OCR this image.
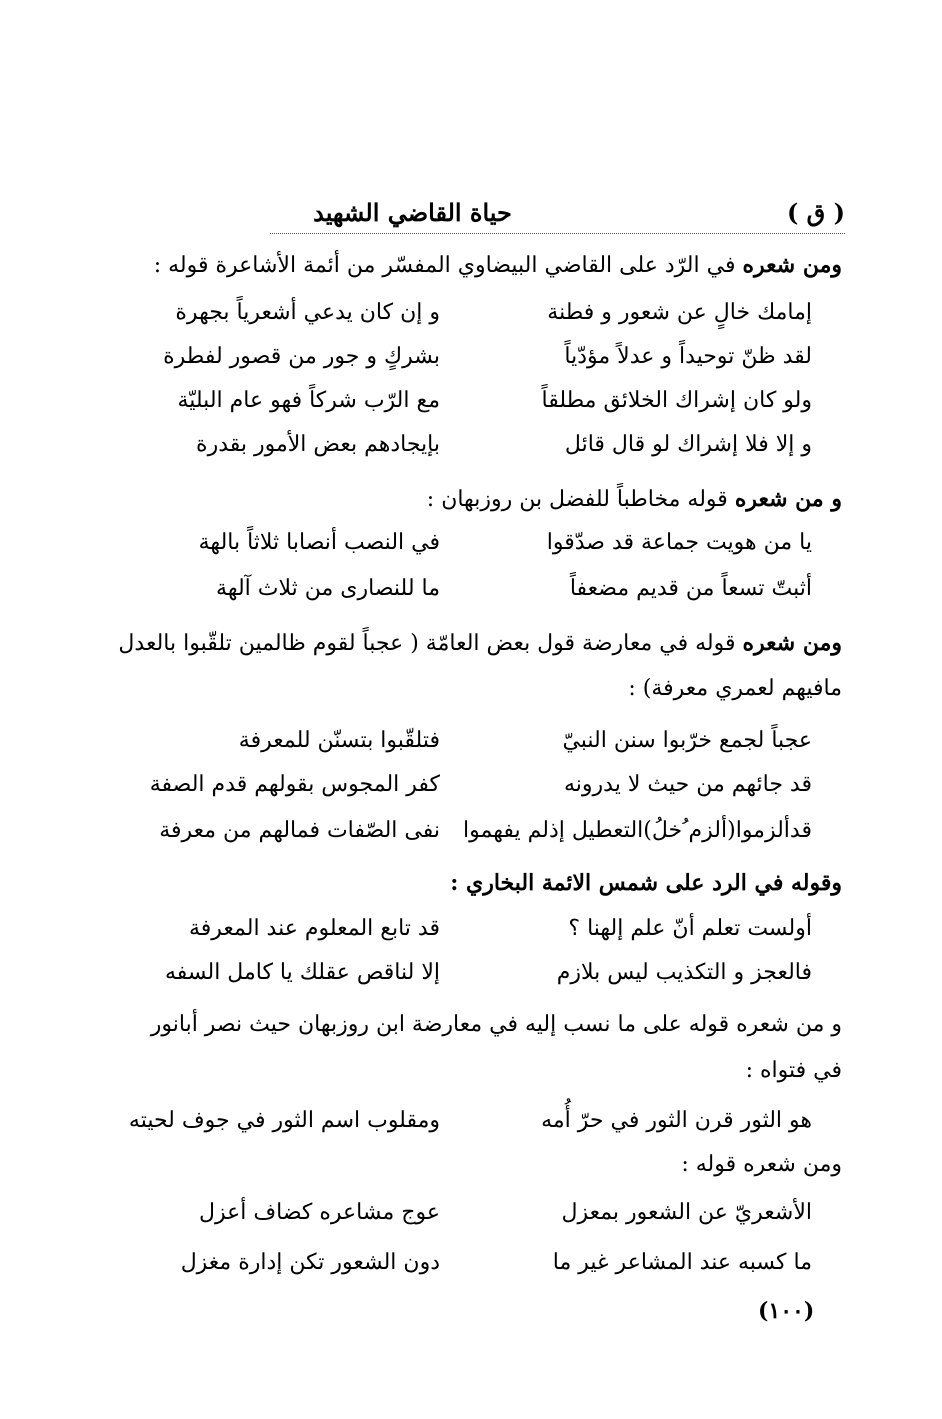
( ق )
حياة القاضي الشهيد
ومن شعره في الرّد على القاضي البيضاوي المفسّر من أئمة الأشاعرة قوله :
إمامك خالٍ عن شعور و فطنة
و إن كان يدعي أشعرياً بجهرة
لقد ظنّ توحيداً و عدلاً مؤدّياً
بشركٍ و جور من قصور لفطرة
ولو كان إشراك الخلائق مطلقاً
مع الرّب شركاً فهو عام البليّة
و إلا فلا إشراك لو قال قائل
بإيجادهم بعض الأمور بقدرة
و من شعره قوله مخاطباً للفضل بن روزبهان :
يا من هويت جماعة قد صدّقوا
في النصب أنصابا ثلاثاً بالهة
أثبتّ تسعاً من قديم مضعفاً
ما للنصارى من ثلاث آلهة
ومن شعره قوله في معارضة قول بعض العامّة ( عجباً لقوم ظالمين تلقّبوا بالعدل
مافيهم لعمري معرفة) :
عجباً لجمع خرّبوا سنن النبيّ
فتلقّبوا بتسنّن للمعرفة
قد جائهم من حيث لا يدرونه
كفر المجوس بقولهم قدم الصفة
قدألزموا(ألزم ُخلُ)التعطيل إذلم يفهموا
نفى الصّفات فمالهم من معرفة
وقوله في الرد على شمس الائمة البخاري :
أولست تعلم أنّ علم إلهنا ؟
قد تابع المعلوم عند المعرفة
فالعجز و التكذيب ليس بلازم
إلا لناقص عقلك يا كامل السفه
و من شعره قوله على ما نسب إليه في معارضة ابن روزبهان حيث نصر أبانور
في فتواه :
هو الثور قرن الثور في حرّ أُمه
ومقلوب اسم الثور في جوف لحيته
ومن شعره قوله :
الأشعريّ عن الشعور بمعزل
عوج مشاعره كضاف أعزل
ما كسبه عند المشاعر غير ما
دون الشعور تكن إدارة مغزل
(١٠٠)
